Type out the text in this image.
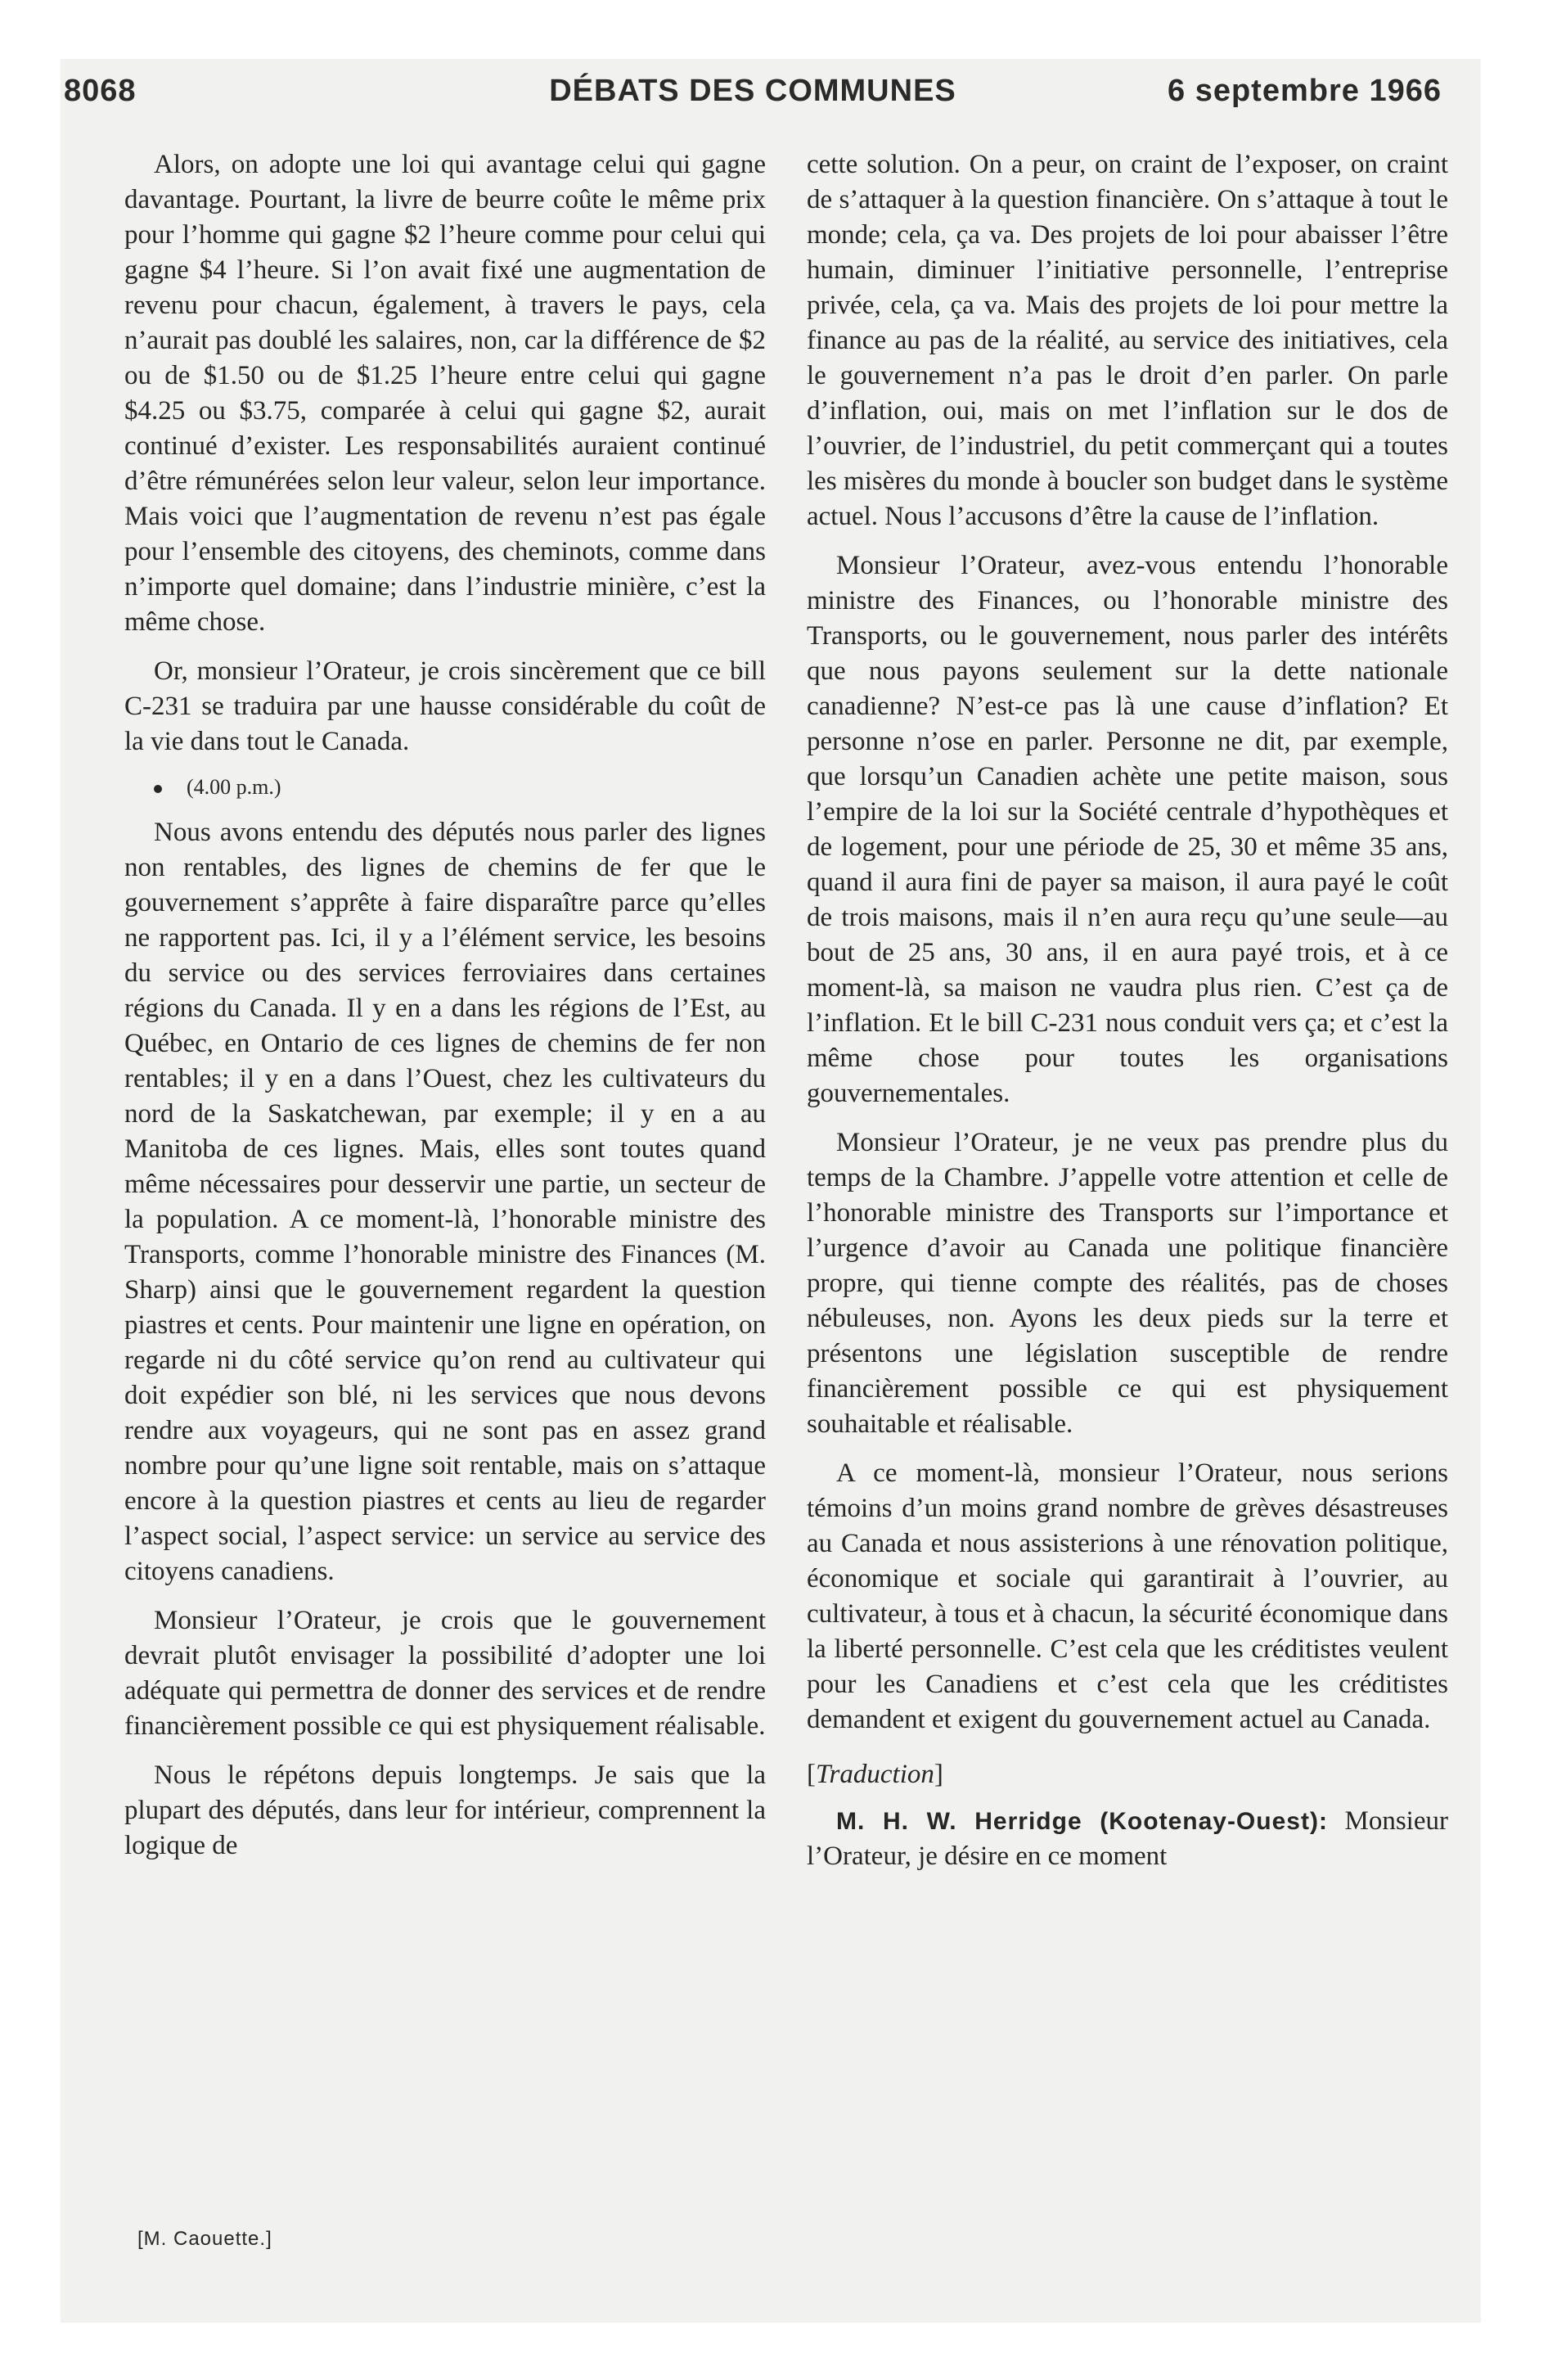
8068	DÉBATS DES COMMUNES	6 septembre 1966

Alors, on adopte une loi qui avantage celui qui gagne davantage. Pourtant, la livre de beurre coûte le même prix pour l’homme qui gagne $2 l’heure comme pour celui qui gagne $4 l’heure. Si l’on avait fixé une augmentation de revenu pour chacun, également, à travers le pays, cela n’aurait pas doublé les salaires, non, car la différence de $2 ou de $1.50 ou de $1.25 l’heure entre celui qui gagne $4.25 ou $3.75, comparée à celui qui gagne $2, aurait continué d’exister. Les responsabilités auraient continué d’être rémunérées selon leur valeur, selon leur importance. Mais voici que l’augmentation de revenu n’est pas égale pour l’ensemble des citoyens, des cheminots, comme dans n’importe quel domaine; dans l’industrie minière, c’est la même chose.

Or, monsieur l’Orateur, je crois sincèrement que ce bill C-231 se traduira par une hausse considérable du coût de la vie dans tout le Canada.

(4.00 p.m.)

Nous avons entendu des députés nous parler des lignes non rentables, des lignes de chemins de fer que le gouvernement s’apprête à faire disparaître parce qu’elles ne rapportent pas. Ici, il y a l’élément service, les besoins du service ou des services ferroviaires dans certaines régions du Canada. Il y en a dans les régions de l’Est, au Québec, en Ontario de ces lignes de chemins de fer non rentables; il y en a dans l’Ouest, chez les cultivateurs du nord de la Saskatchewan, par exemple; il y en a au Manitoba de ces lignes. Mais, elles sont toutes quand même nécessaires pour desservir une partie, un secteur de la population. A ce moment-là, l’honorable ministre des Transports, comme l’honorable ministre des Finances (M. Sharp) ainsi que le gouvernement regardent la question piastres et cents. Pour maintenir une ligne en opération, on regarde ni du côté service qu’on rend au cultivateur qui doit expédier son blé, ni les services que nous devons rendre aux voyageurs, qui ne sont pas en assez grand nombre pour qu’une ligne soit rentable, mais on s’attaque encore à la question piastres et cents au lieu de regarder l’aspect social, l’aspect service: un service au service des citoyens canadiens.

Monsieur l’Orateur, je crois que le gouvernement devrait plutôt envisager la possibilité d’adopter une loi adéquate qui permettra de donner des services et de rendre financièrement possible ce qui est physiquement réalisable.

Nous le répétons depuis longtemps. Je sais que la plupart des députés, dans leur for intérieur, comprennent la logique de

cette solution. On a peur, on craint de l’exposer, on craint de s’attaquer à la question financière. On s’attaque à tout le monde; cela, ça va. Des projets de loi pour abaisser l’être humain, diminuer l’initiative personnelle, l’entreprise privée, cela, ça va. Mais des projets de loi pour mettre la finance au pas de la réalité, au service des initiatives, cela le gouvernement n’a pas le droit d’en parler. On parle d’inflation, oui, mais on met l’inflation sur le dos de l’ouvrier, de l’industriel, du petit commerçant qui a toutes les misères du monde à boucler son budget dans le système actuel. Nous l’accusons d’être la cause de l’inflation.

Monsieur l’Orateur, avez-vous entendu l’honorable ministre des Finances, ou l’honorable ministre des Transports, ou le gouvernement, nous parler des intérêts que nous payons seulement sur la dette nationale canadienne? N’est-ce pas là une cause d’inflation? Et personne n’ose en parler. Personne ne dit, par exemple, que lorsqu’un Canadien achète une petite maison, sous l’empire de la loi sur la Société centrale d’hypothèques et de logement, pour une période de 25, 30 et même 35 ans, quand il aura fini de payer sa maison, il aura payé le coût de trois maisons, mais il n’en aura reçu qu’une seule—au bout de 25 ans, 30 ans, il en aura payé trois, et à ce moment-là, sa maison ne vaudra plus rien. C’est ça de l’inflation. Et le bill C-231 nous conduit vers ça; et c’est la même chose pour toutes les organisations gouvernementales.

Monsieur l’Orateur, je ne veux pas prendre plus du temps de la Chambre. J’appelle votre attention et celle de l’honorable ministre des Transports sur l’importance et l’urgence d’avoir au Canada une politique financière propre, qui tienne compte des réalités, pas de choses nébuleuses, non. Ayons les deux pieds sur la terre et présentons une législation susceptible de rendre financièrement possible ce qui est physiquement souhaitable et réalisable.

A ce moment-là, monsieur l’Orateur, nous serions témoins d’un moins grand nombre de grèves désastreuses au Canada et nous assisterions à une rénovation politique, économique et sociale qui garantirait à l’ouvrier, au cultivateur, à tous et à chacun, la sécurité économique dans la liberté personnelle. C’est cela que les créditistes veulent pour les Canadiens et c’est cela que les créditistes demandent et exigent du gouvernement actuel au Canada.

[Traduction]

M. H. W. Herridge (Kootenay-Ouest): Monsieur l’Orateur, je désire en ce moment

[M. Caouette.]
